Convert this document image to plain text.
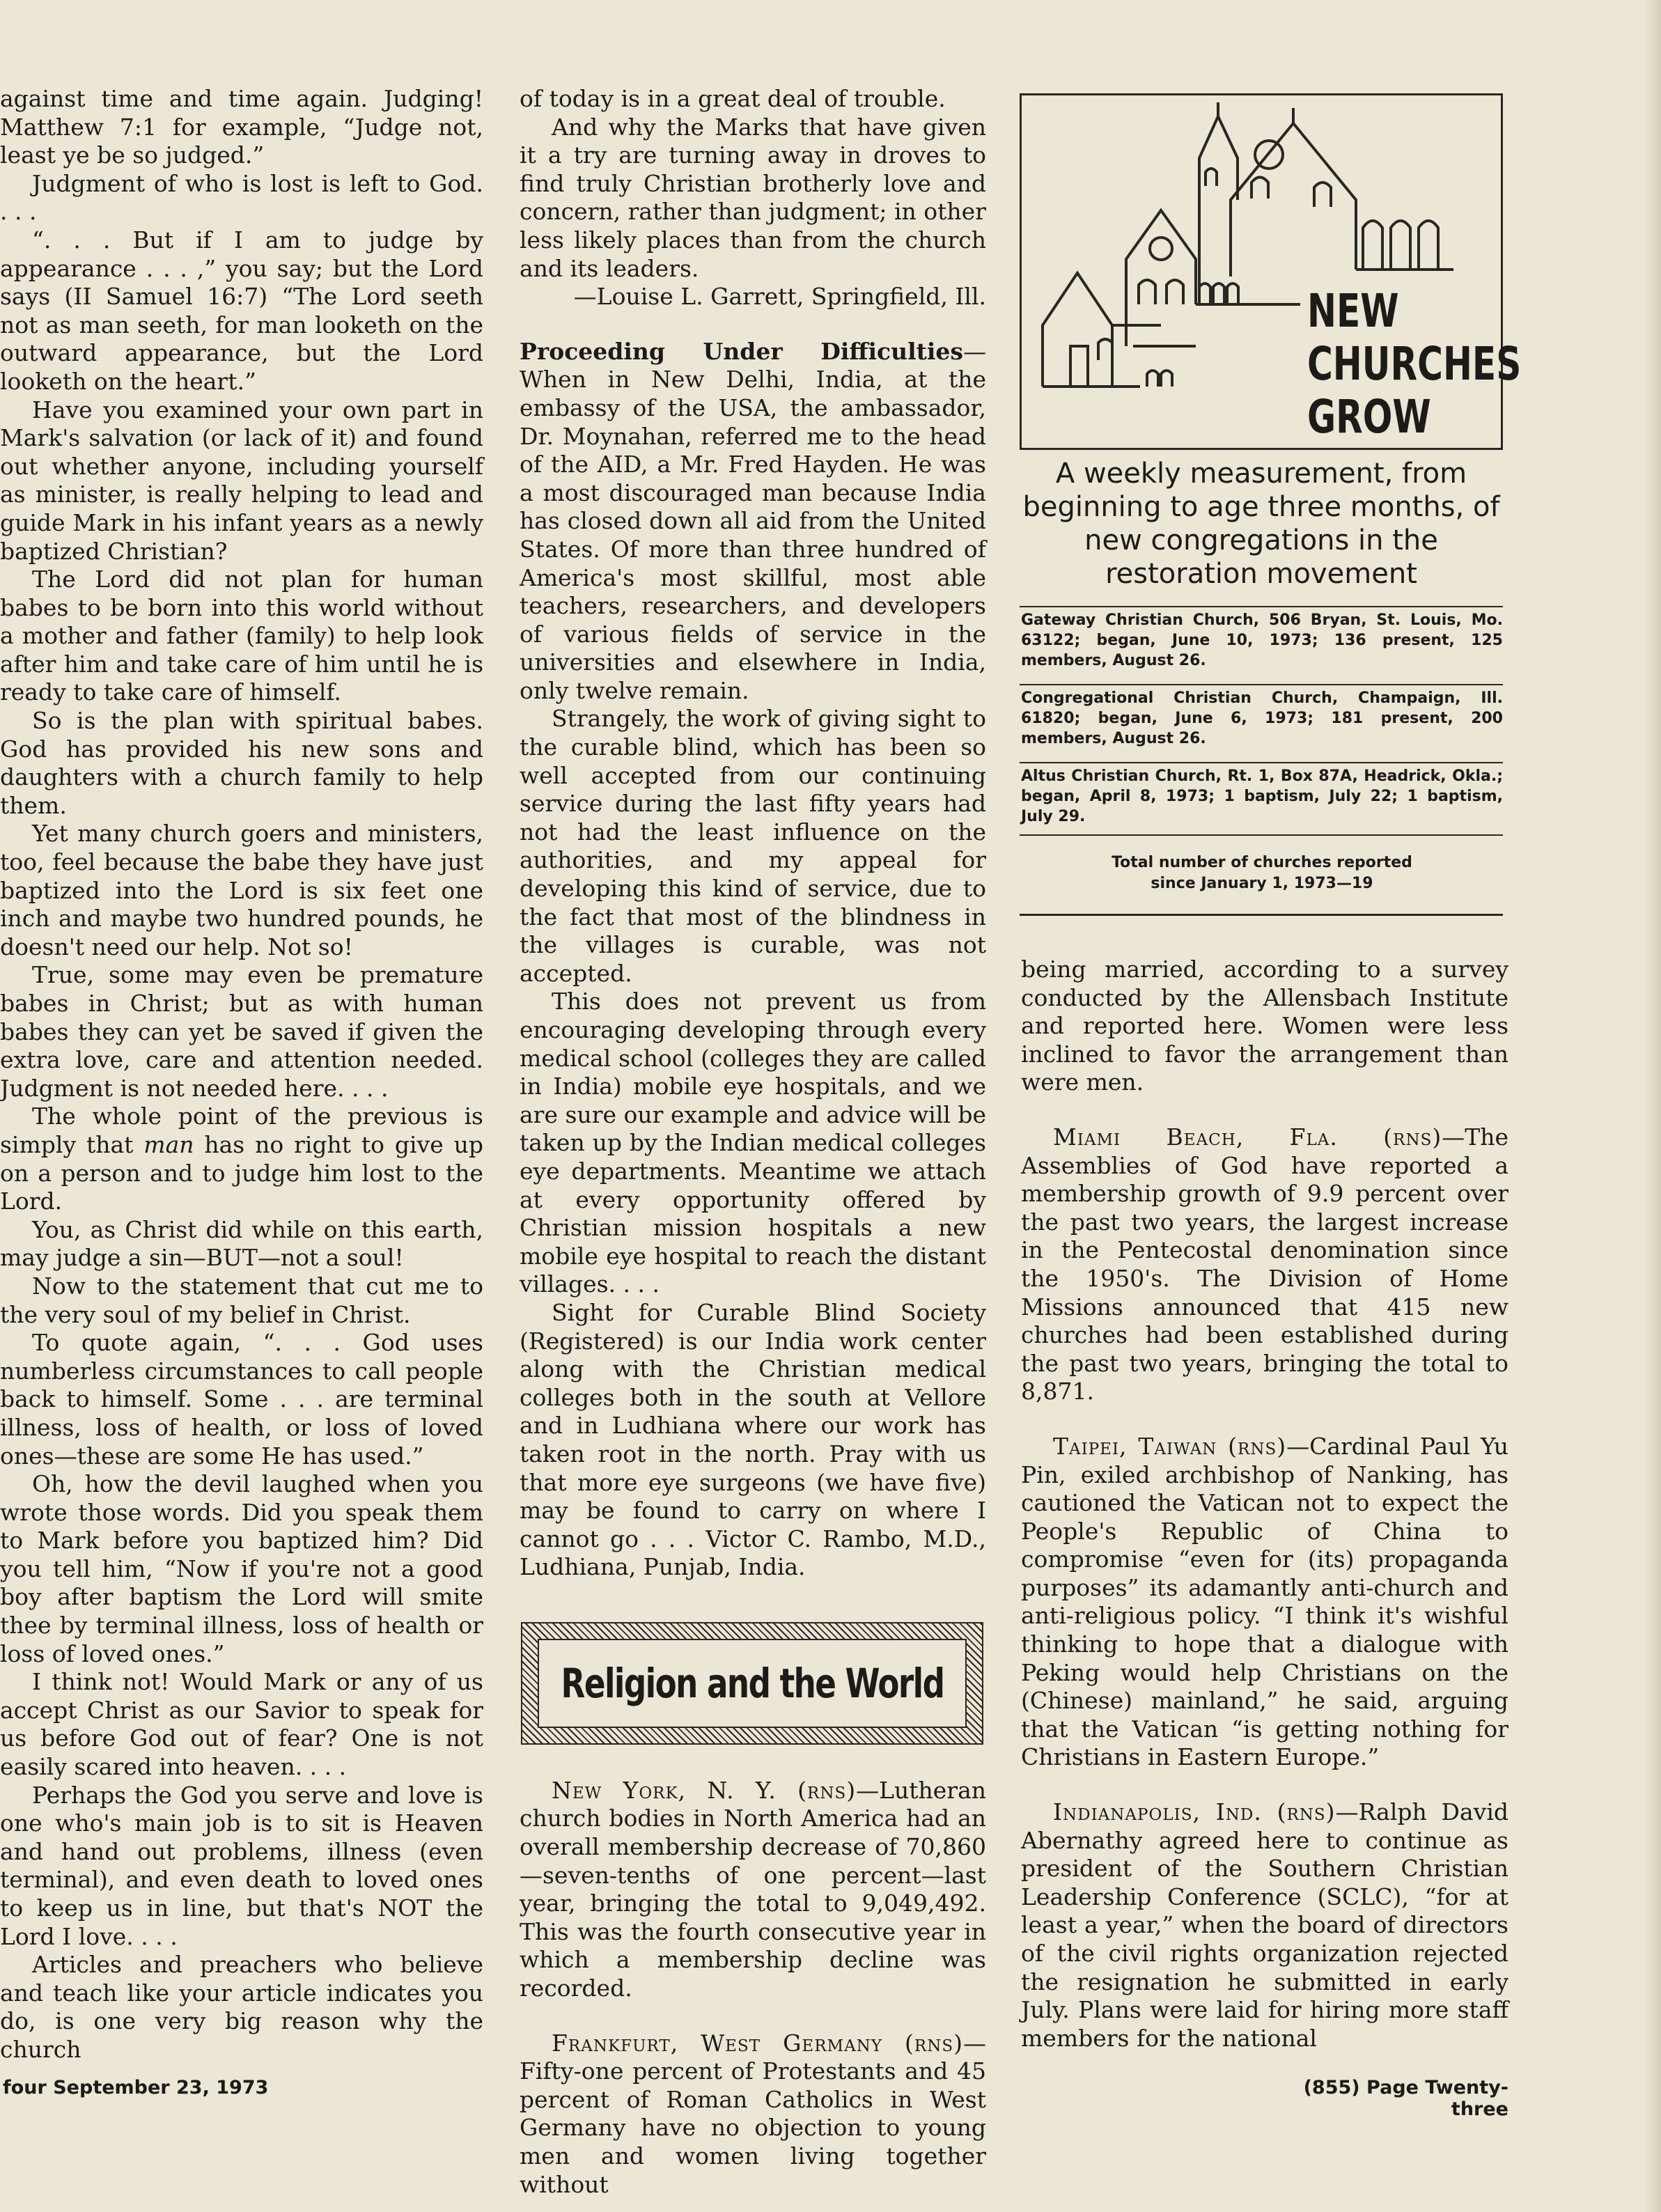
against time and time again. Judging! Matthew 7:1 for example, “Judge not, least ye be so judged.”

Judgment of who is lost is left to God. . . .

“. . . But if I am to judge by appearance . . . ,” you say; but the Lord says (II Samuel 16:7) “The Lord seeth not as man seeth, for man looketh on the outward appearance, but the Lord looketh on the heart.”

Have you examined your own part in Mark's salvation (or lack of it) and found out whether anyone, including yourself as minister, is really helping to lead and guide Mark in his infant years as a newly baptized Christian?

The Lord did not plan for human babes to be born into this world without a mother and father (family) to help look after him and take care of him until he is ready to take care of himself.

So is the plan with spiritual babes. God has provided his new sons and daughters with a church family to help them.

Yet many church goers and ministers, too, feel because the babe they have just baptized into the Lord is six feet one inch and maybe two hundred pounds, he doesn't need our help. Not so!

True, some may even be premature babes in Christ; but as with human babes they can yet be saved if given the extra love, care and attention needed. Judgment is not needed here. . . .

The whole point of the previous is simply that man has no right to give up on a person and to judge him lost to the Lord.

You, as Christ did while on this earth, may judge a sin—BUT—not a soul!

Now to the statement that cut me to the very soul of my belief in Christ.

To quote again, “. . . God uses numberless circumstances to call people back to himself. Some . . . are terminal illness, loss of health, or loss of loved ones—these are some He has used.”

Oh, how the devil laughed when you wrote those words. Did you speak them to Mark before you baptized him? Did you tell him, “Now if you're not a good boy after baptism the Lord will smite thee by terminal illness, loss of health or loss of loved ones.”

I think not! Would Mark or any of us accept Christ as our Savior to speak for us before God out of fear? One is not easily scared into heaven. . . .

Perhaps the God you serve and love is one who's main job is to sit is Heaven and hand out problems, illness (even terminal), and even death to loved ones to keep us in line, but that's NOT the Lord I love. . . .

Articles and preachers who believe and teach like your article indicates you do, is one very big reason why the church

of today is in a great deal of trouble.

And why the Marks that have given it a try are turning away in droves to find truly Christian brotherly love and concern, rather than judgment; in other less likely places than from the church and its leaders.

—Louise L. Garrett, Springfield, Ill.

Proceeding Under Difficulties—When in New Delhi, India, at the embassy of the USA, the ambassador, Dr. Moynahan, referred me to the head of the AID, a Mr. Fred Hayden. He was a most discouraged man because India has closed down all aid from the United States. Of more than three hundred of America's most skillful, most able teachers, researchers, and developers of various fields of service in the universities and elsewhere in India, only twelve remain.

Strangely, the work of giving sight to the curable blind, which has been so well accepted from our continuing service during the last fifty years had not had the least influence on the authorities, and my appeal for developing this kind of service, due to the fact that most of the blindness in the villages is curable, was not accepted.

This does not prevent us from encouraging developing through every medical school (colleges they are called in India) mobile eye hospitals, and we are sure our example and advice will be taken up by the Indian medical colleges eye departments. Meantime we attach at every opportunity offered by Christian mission hospitals a new mobile eye hospital to reach the distant villages. . . .

Sight for Curable Blind Society (Registered) is our India work center along with the Christian medical colleges both in the south at Vellore and in Ludhiana where our work has taken root in the north. Pray with us that more eye surgeons (we have five) may be found to carry on where I cannot go . . . Victor C. Rambo, M.D., Ludhiana, Punjab, India.

Religion and the World

New York, N. Y. (rns)—Lutheran church bodies in North America had an overall membership decrease of 70,860 —seven-tenths of one percent—last year, bringing the total to 9,049,492. This was the fourth consecutive year in which a membership decline was recorded.

Frankfurt, West Germany (rns)—Fifty-one percent of Protestants and 45 percent of Roman Catholics in West Germany have no objection to young men and women living together without

NEW
CHURCHES
GROW
A weekly measurement, from beginning to age three months, of new congregations in the restoration movement
Gateway Christian Church, 506 Bryan, St. Louis, Mo. 63122; began, June 10, 1973; 136 present, 125 members, August 26.
Congregational Christian Church, Champaign, Ill. 61820; began, June 6, 1973; 181 present, 200 members, August 26.
Altus Christian Church, Rt. 1, Box 87A, Headrick, Okla.; began, April 8, 1973; 1 baptism, July 22; 1 baptism, July 29.
Total number of churches reported
since January 1, 1973—19

being married, according to a survey conducted by the Allensbach Institute and reported here. Women were less inclined to favor the arrangement than were men.

Miami Beach, Fla. (rns)—The Assemblies of God have reported a membership growth of 9.9 percent over the past two years, the largest increase in the Pentecostal denomination since the 1950's. The Division of Home Missions announced that 415 new churches had been established during the past two years, bringing the total to 8,871.

Taipei, Taiwan (rns)—Cardinal Paul Yu Pin, exiled archbishop of Nanking, has cautioned the Vatican not to expect the People's Republic of China to compromise “even for (its) propaganda purposes” its adamantly anti-church and anti-religious policy. “I think it's wishful thinking to hope that a dialogue with Peking would help Christians on the (Chinese) mainland,” he said, arguing that the Vatican “is getting nothing for Christians in Eastern Europe.”

Indianapolis, Ind. (rns)—Ralph David Abernathy agreed here to continue as president of the Southern Christian Leadership Conference (SCLC), “for at least a year,” when the board of directors of the civil rights organization rejected the resignation he submitted in early July. Plans were laid for hiring more staff members for the national

four September 23, 1973	(855) Page Twenty-three
